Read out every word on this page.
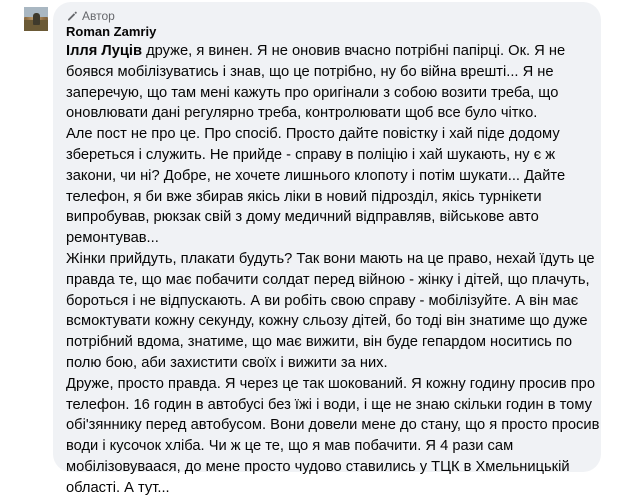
Автор
Roman Zamriy
Ілля Луців друже, я винен. Я не оновив вчасно потрібні папірці. Ок. Я не
боявся мобілізуватись і знав, що це потрібно, ну бо війна врешті... Я не
заперечую, що там мені кажуть про оригінали з собою возити треба, що
оновлювати дані регулярно треба, контролювати щоб все було чітко.
Але пост не про це. Про спосіб. Просто дайте повістку і хай піде додому
збереться і служить. Не прийде - справу в поліцію і хай шукають, ну є ж
закони, чи ні? Добре, не хочете лишнього клопоту і потім шукати... Дайте
телефон, я би вже збирав якісь ліки в новий підрозділ, якісь турнікети
випробував, рюкзак свій з дому медичний відправляв, військове авто
ремонтував...
Жінки прийдуть, плакати будуть? Так вони мають на це право, нехай їдуть це
правда те, що має побачити солдат перед війною - жінку і дітей, що плачуть,
бороться і не відпускають. А ви робіть свою справу - мобілізуйте. А він має
всмоктувати кожну секунду, кожну сльозу дітей, бо тоді він знатиме що дуже
потрібний вдома, знатиме, що має вижити, він буде гепардом носитись по
полю бою, аби захистити своїх і вижити за них.
Друже, просто правда. Я через це так шокований. Я кожну годину просив про
телефон. 16 годин в автобусі без їжі і води, і ще не знаю скільки годин в тому
обі'зяннику перед автобусом. Вони довели мене до стану, що я просто просив
води і кусочок хліба. Чи ж це те, що я мав побачити. Я 4 рази сам
мобілізовуваася, до мене просто чудово ставились у ТЦК в Хмельницькій
області. А тут...
